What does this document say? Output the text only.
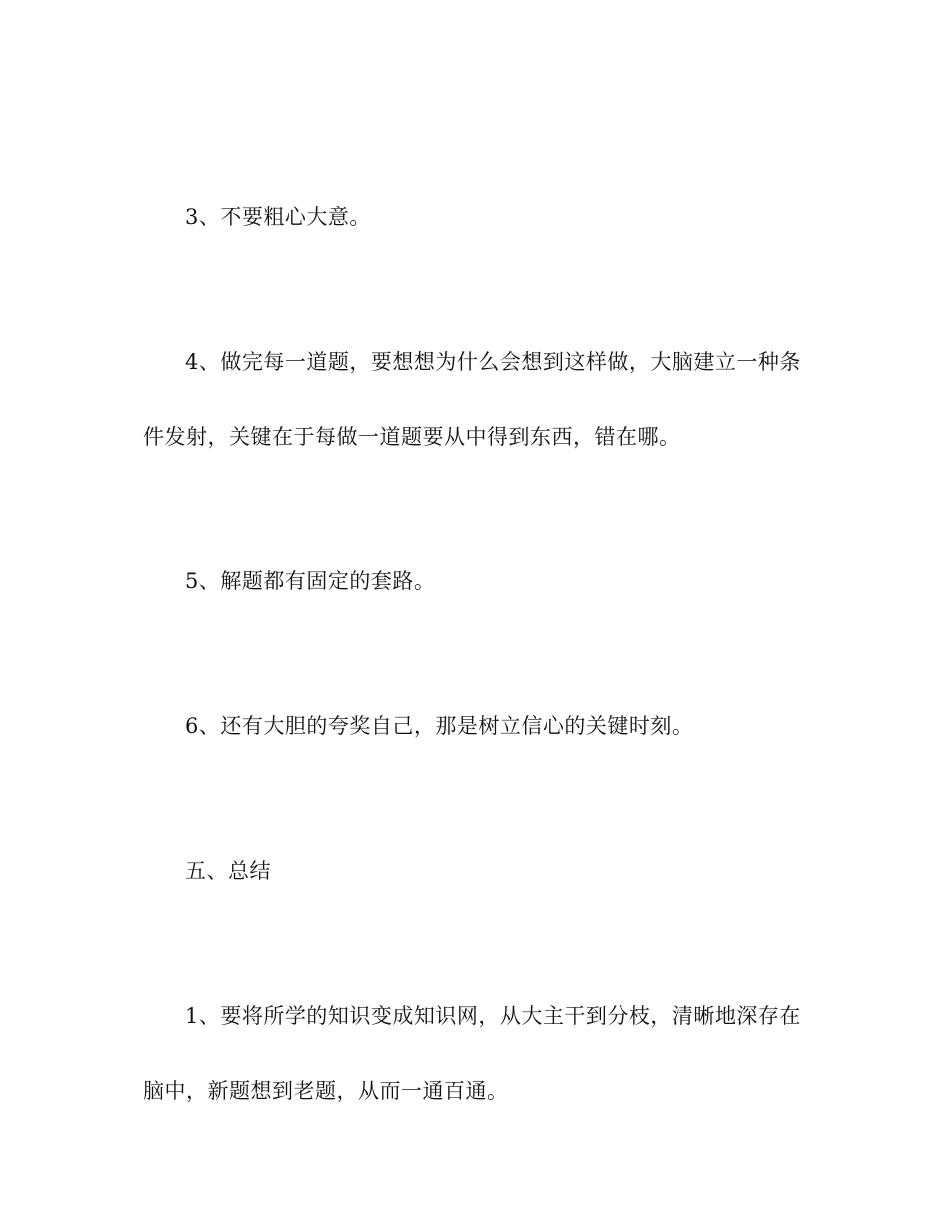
3、不要粗心大意。
4、做完每一道题，要想想为什么会想到这样做，大脑建立一种条
件发射，关键在于每做一道题要从中得到东西，错在哪。
5、解题都有固定的套路。
6、还有大胆的夸奖自己，那是树立信心的关键时刻。
五、总结
1、要将所学的知识变成知识网，从大主干到分枝，清晰地深存在
脑中，新题想到老题，从而一通百通。
